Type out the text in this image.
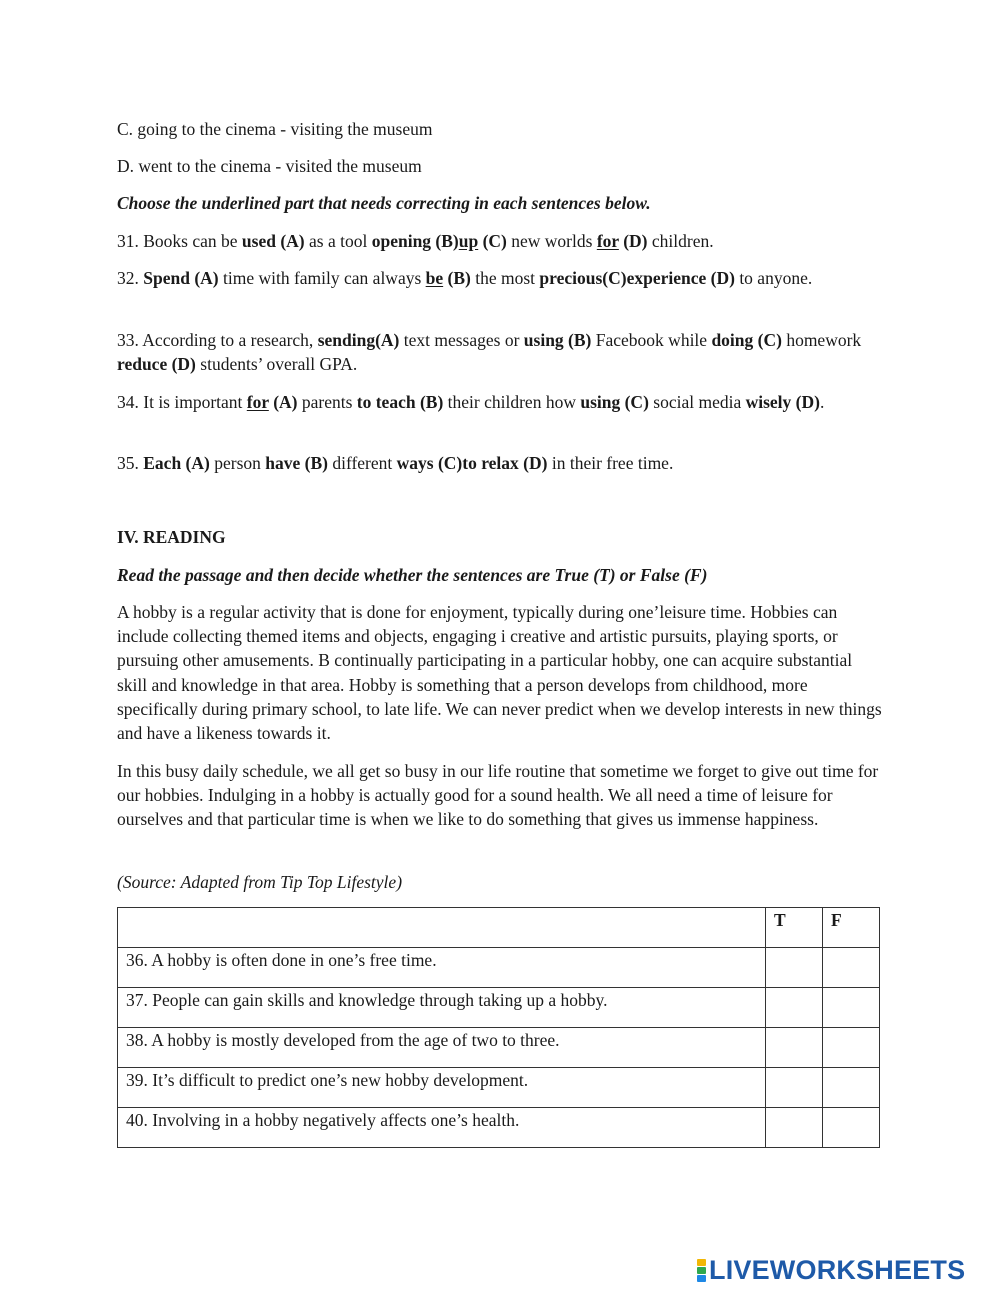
C. going to the cinema - visiting the museum
D. went to the cinema - visited the museum
Choose the underlined part that needs correcting in each sentences below.
31. Books can be used (A) as a tool opening (B)up (C) new worlds for (D) children.
32. Spend (A) time with family can always be (B) the most precious(C)experience (D) to anyone.
33. According to a research, sending(A) text messages or using (B) Facebook while doing (C) homework reduce (D) students’ overall GPA.
34. It is important for (A) parents to teach (B) their children how using (C) social media wisely (D).
35. Each (A) person have (B) different ways (C)to relax (D) in their free time.
IV. READING
Read the passage and then decide whether the sentences are True (T) or False (F)
A hobby is a regular activity that is done for enjoyment, typically during one’leisure time. Hobbies can include collecting themed items and objects, engaging i creative and artistic pursuits, playing sports, or pursuing other amusements. B continually participating in a particular hobby, one can acquire substantial skill and knowledge in that area. Hobby is something that a person develops from childhood, more specifically during primary school, to late life. We can never predict when we develop interests in new things and have a likeness towards it.
In this busy daily schedule, we all get so busy in our life routine that sometime we forget to give out time for our hobbies. Indulging in a hobby is actually good for a sound health. We all need a time of leisure for ourselves and that particular time is when we like to do something that gives us immense happiness.
(Source: Adapted from Tip Top Lifestyle)
	T	F
36. A hobby is often done in one’s free time.		
37. People can gain skills and knowledge through taking up a hobby.		
38. A hobby is mostly developed from the age of two to three.		
39. It’s difficult to predict one’s new hobby development.		
40. Involving in a hobby negatively affects one’s health.		
LIVEWORKSHEETS
